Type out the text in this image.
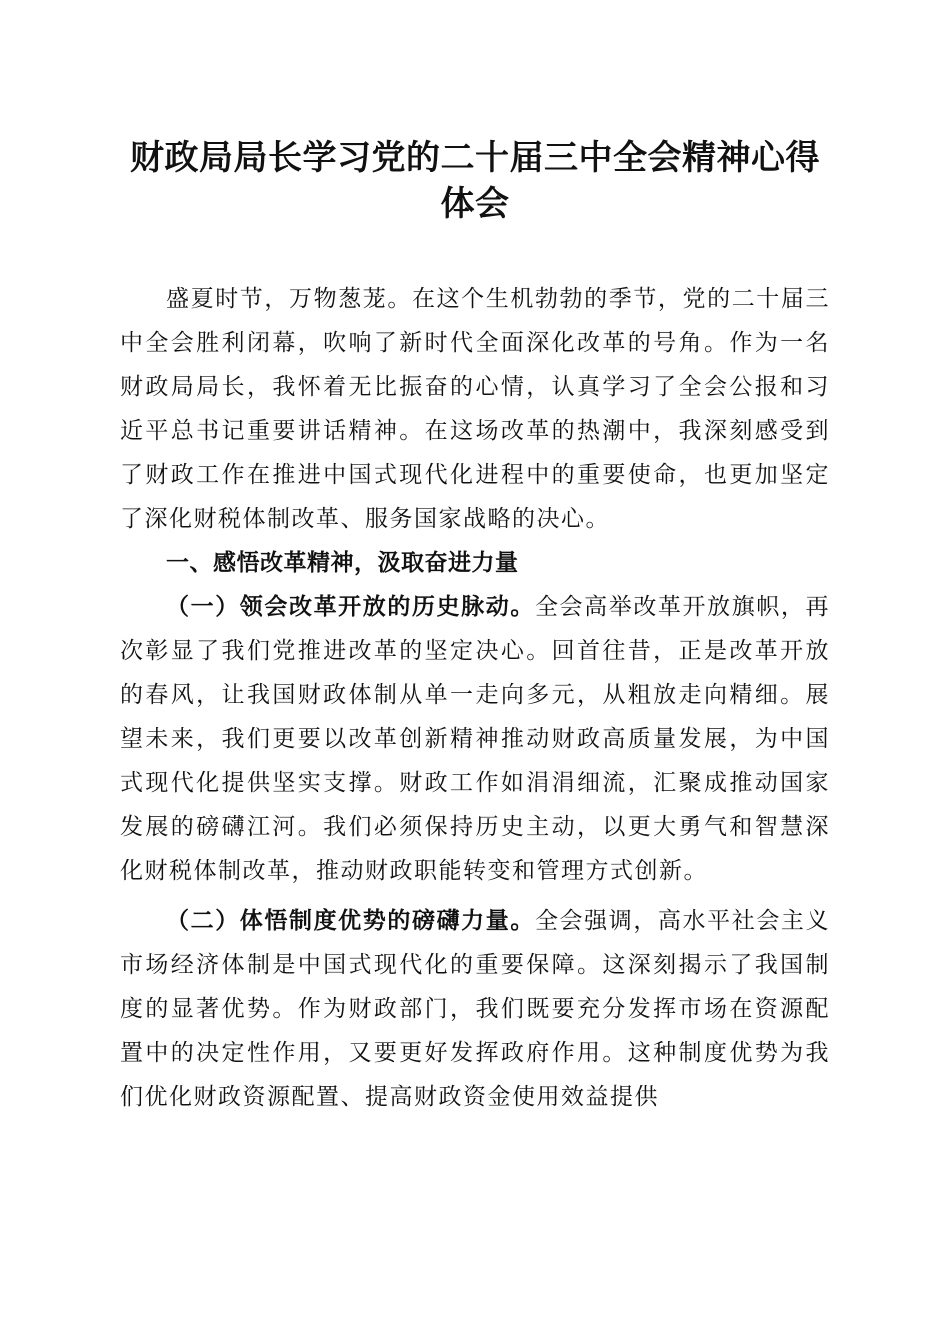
财政局局长学习党的二十届三中全会精神心得体会

盛夏时节，万物葱茏。在这个生机勃勃的季节，党的二十届三中全会胜利闭幕，吹响了新时代全面深化改革的号角。作为一名财政局局长，我怀着无比振奋的心情，认真学习了全会公报和习近平总书记重要讲话精神。在这场改革的热潮中，我深刻感受到了财政工作在推进中国式现代化进程中的重要使命，也更加坚定了深化财税体制改革、服务国家战略的决心。

一、感悟改革精神，汲取奋进力量

（一）领会改革开放的历史脉动。全会高举改革开放旗帜，再次彰显了我们党推进改革的坚定决心。回首往昔，正是改革开放的春风，让我国财政体制从单一走向多元，从粗放走向精细。展望未来，我们更要以改革创新精神推动财政高质量发展，为中国式现代化提供坚实支撑。财政工作如涓涓细流，汇聚成推动国家发展的磅礴江河。我们必须保持历史主动，以更大勇气和智慧深化财税体制改革，推动财政职能转变和管理方式创新。

（二）体悟制度优势的磅礴力量。全会强调，高水平社会主义市场经济体制是中国式现代化的重要保障。这深刻揭示了我国制度的显著优势。作为财政部门，我们既要充分发挥市场在资源配置中的决定性作用，又要更好发挥政府作用。这种制度优势为我们优化财政资源配置、提高财政资金使用效益提供
